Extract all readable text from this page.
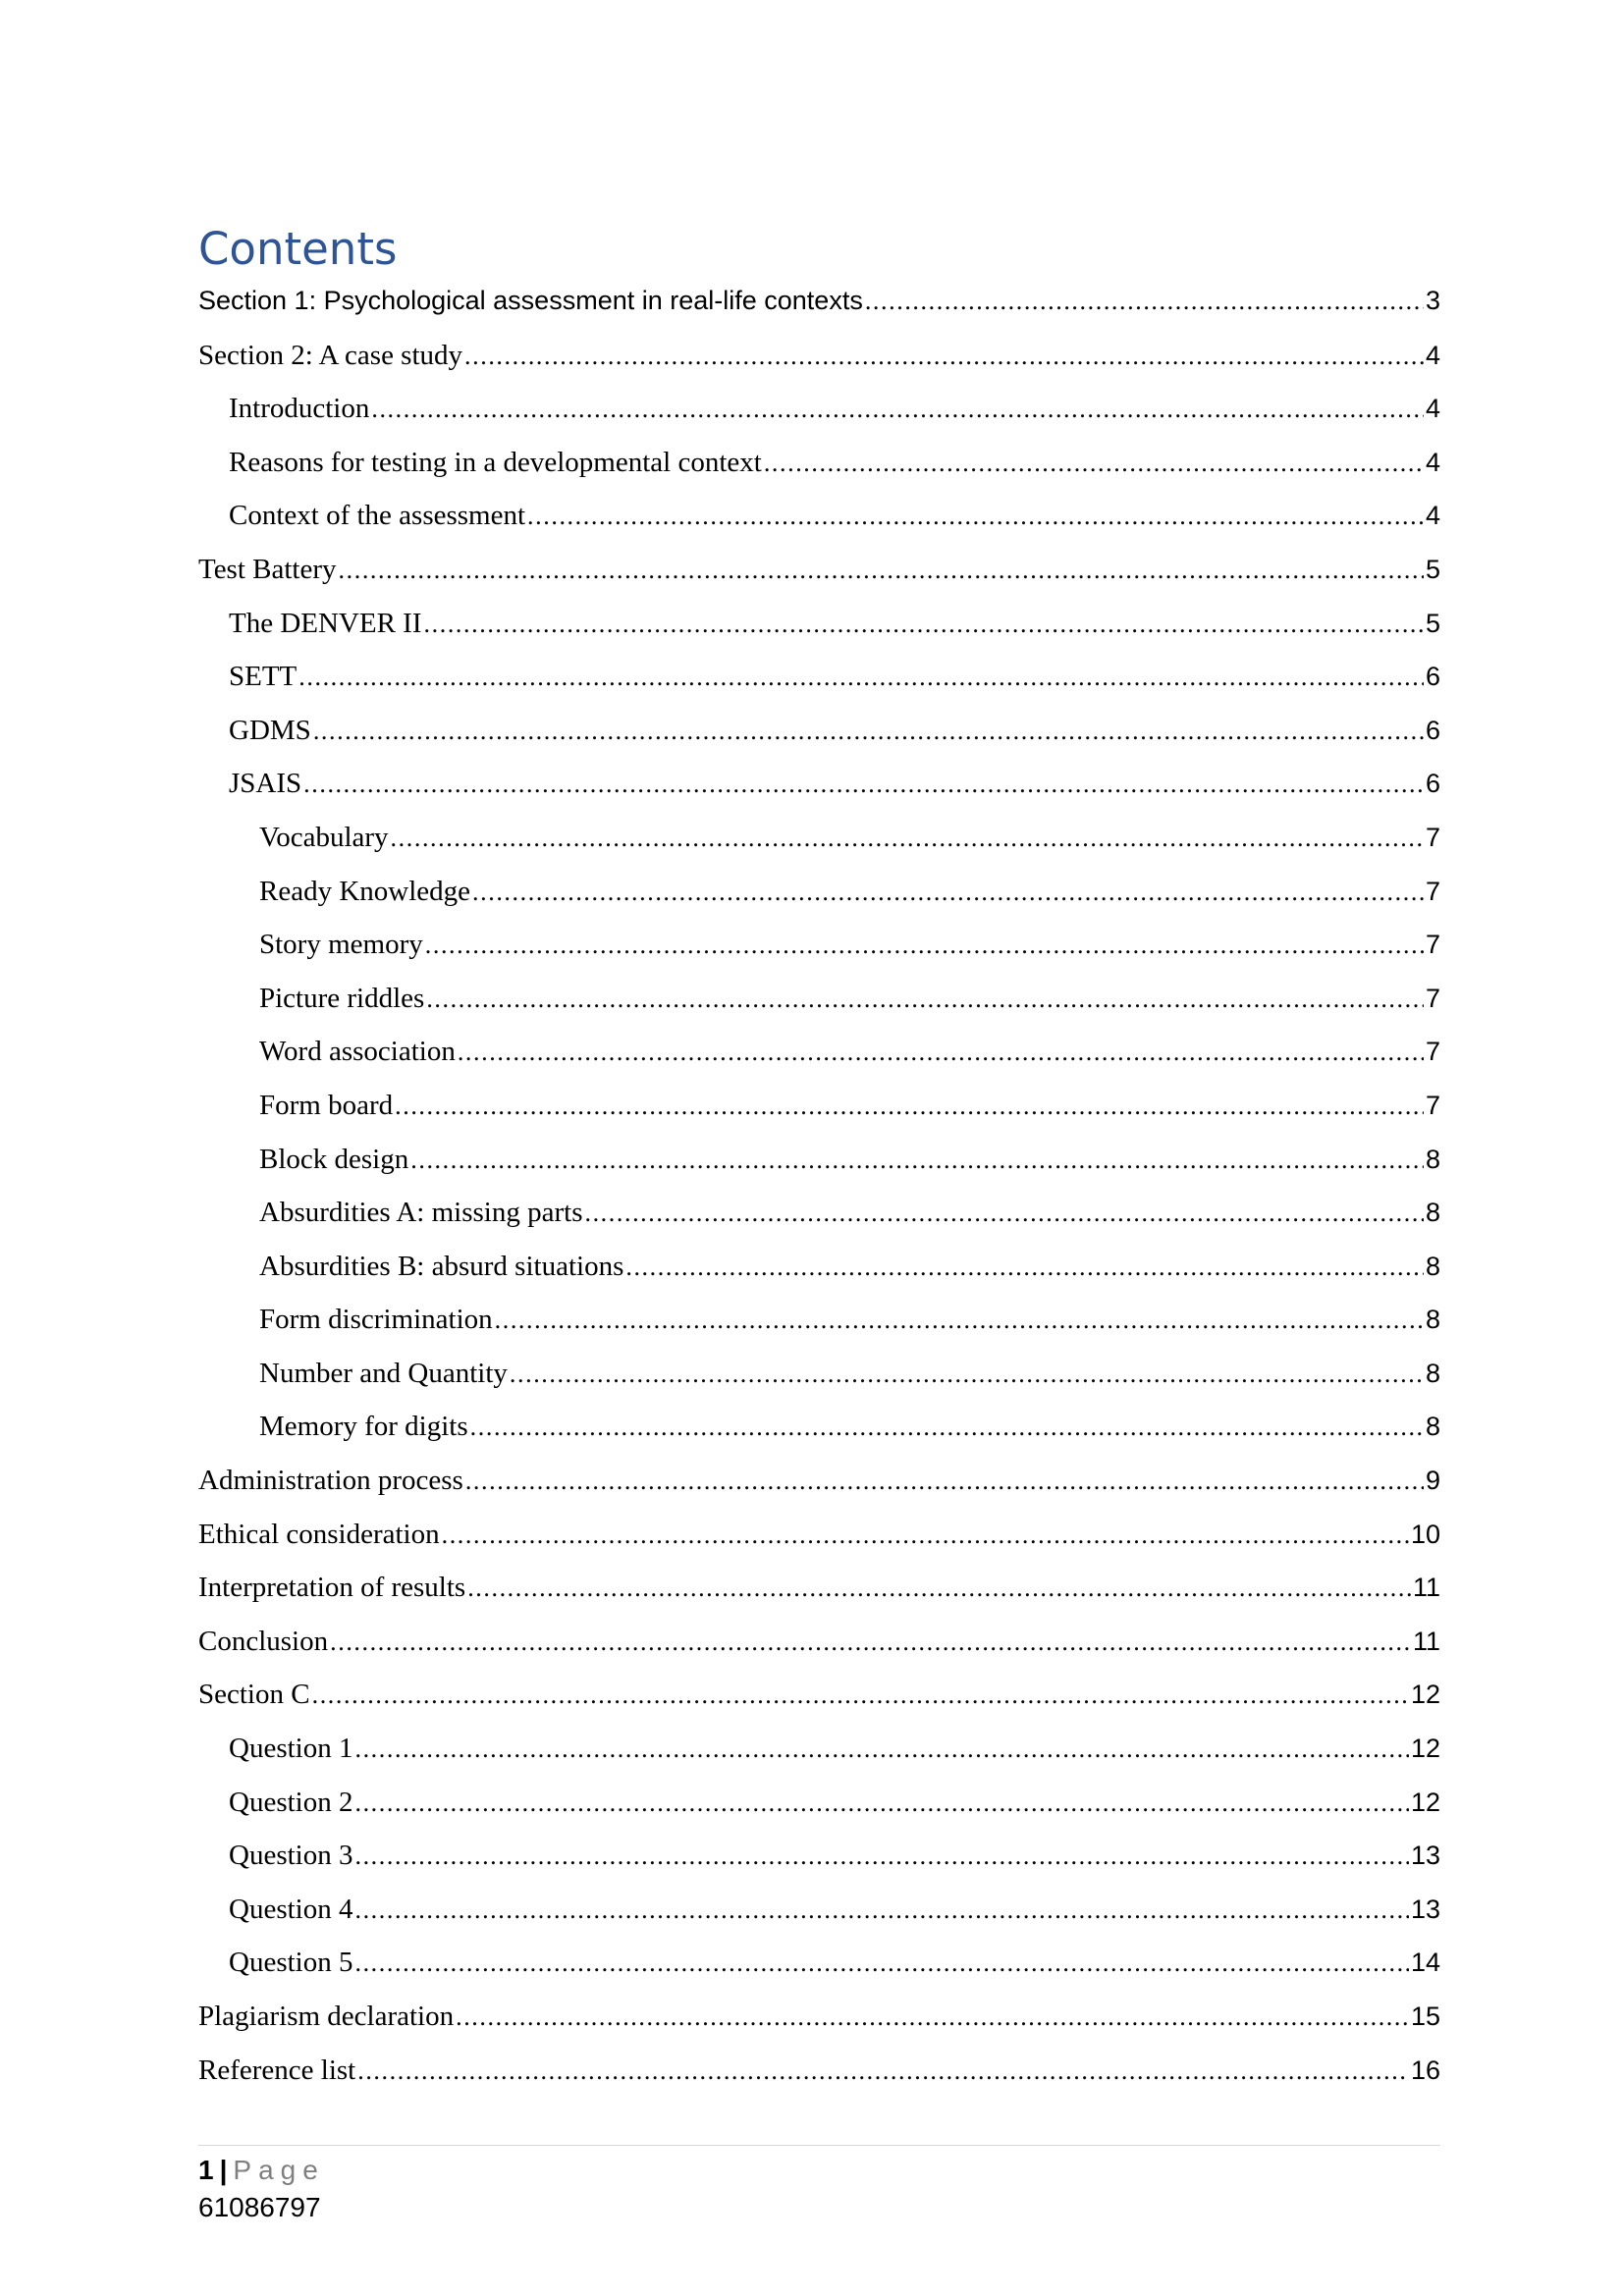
Contents
Section 1: Psychological assessment in real-life contexts .....	3
Section 2: A case study .....	4
Introduction .....	4
Reasons for testing in a developmental context .....	4
Context of the assessment .....	4
Test Battery .....	5
The DENVER II .....	5
SETT .....	6
GDMS .....	6
JSAIS .....	6
Vocabulary .....	7
Ready Knowledge .....	7
Story memory .....	7
Picture riddles .....	7
Word association .....	7
Form board .....	7
Block design .....	8
Absurdities A: missing parts .....	8
Absurdities B: absurd situations .....	8
Form discrimination .....	8
Number and Quantity .....	8
Memory for digits .....	8
Administration process .....	9
Ethical consideration .....	10
Interpretation of results .....	11
Conclusion .....	11
Section C .....	12
Question 1 .....	12
Question 2 .....	12
Question 3 .....	13
Question 4 .....	13
Question 5 .....	14
Plagiarism declaration .....	15
Reference list .....	16
1 | Page
61086797
